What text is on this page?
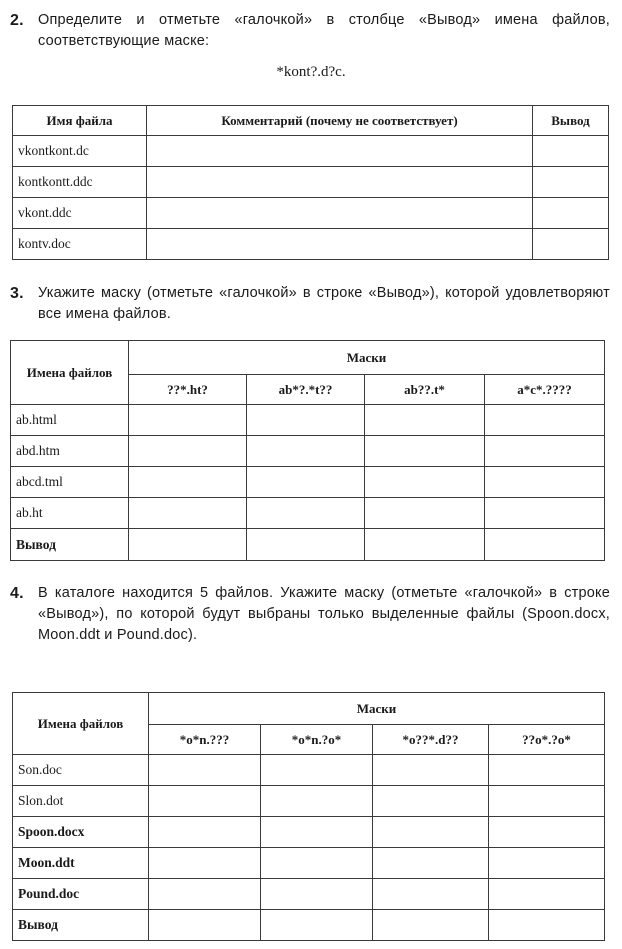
2. Определите и отметьте «галочкой» в столбце «Вывод» имена файлов, соответствующие маске:
*kont?.d?c.
Имя файла	Комментарий (почему не соответствует)	Вывод
vkontkont.dc		
kontkontt.ddc		
vkont.ddc		
kontv.doc		
3. Укажите маску (отметьте «галочкой» в строке «Вывод»), которой удовлетворяют все имена файлов.
Имена файлов	Маски			
	??*.ht?	ab*?.*t??	ab??.t*	a*c*.????
ab.html				
abd.htm				
abcd.tml				
ab.ht				
Вывод				
4. В каталоге находится 5 файлов. Укажите маску (отметьте «галочкой» в строке «Вывод»), по которой будут выбраны только выделенные файлы (Spoon.docx, Moon.ddt и Pound.doc).
Имена файлов	Маски			
	*o*n.???	*o*n.?o*	*o??*.d??	??o*.?o*
Son.doc				
Slon.dot				
Spoon.docx				
Moon.ddt				
Pound.doc				
Вывод				
